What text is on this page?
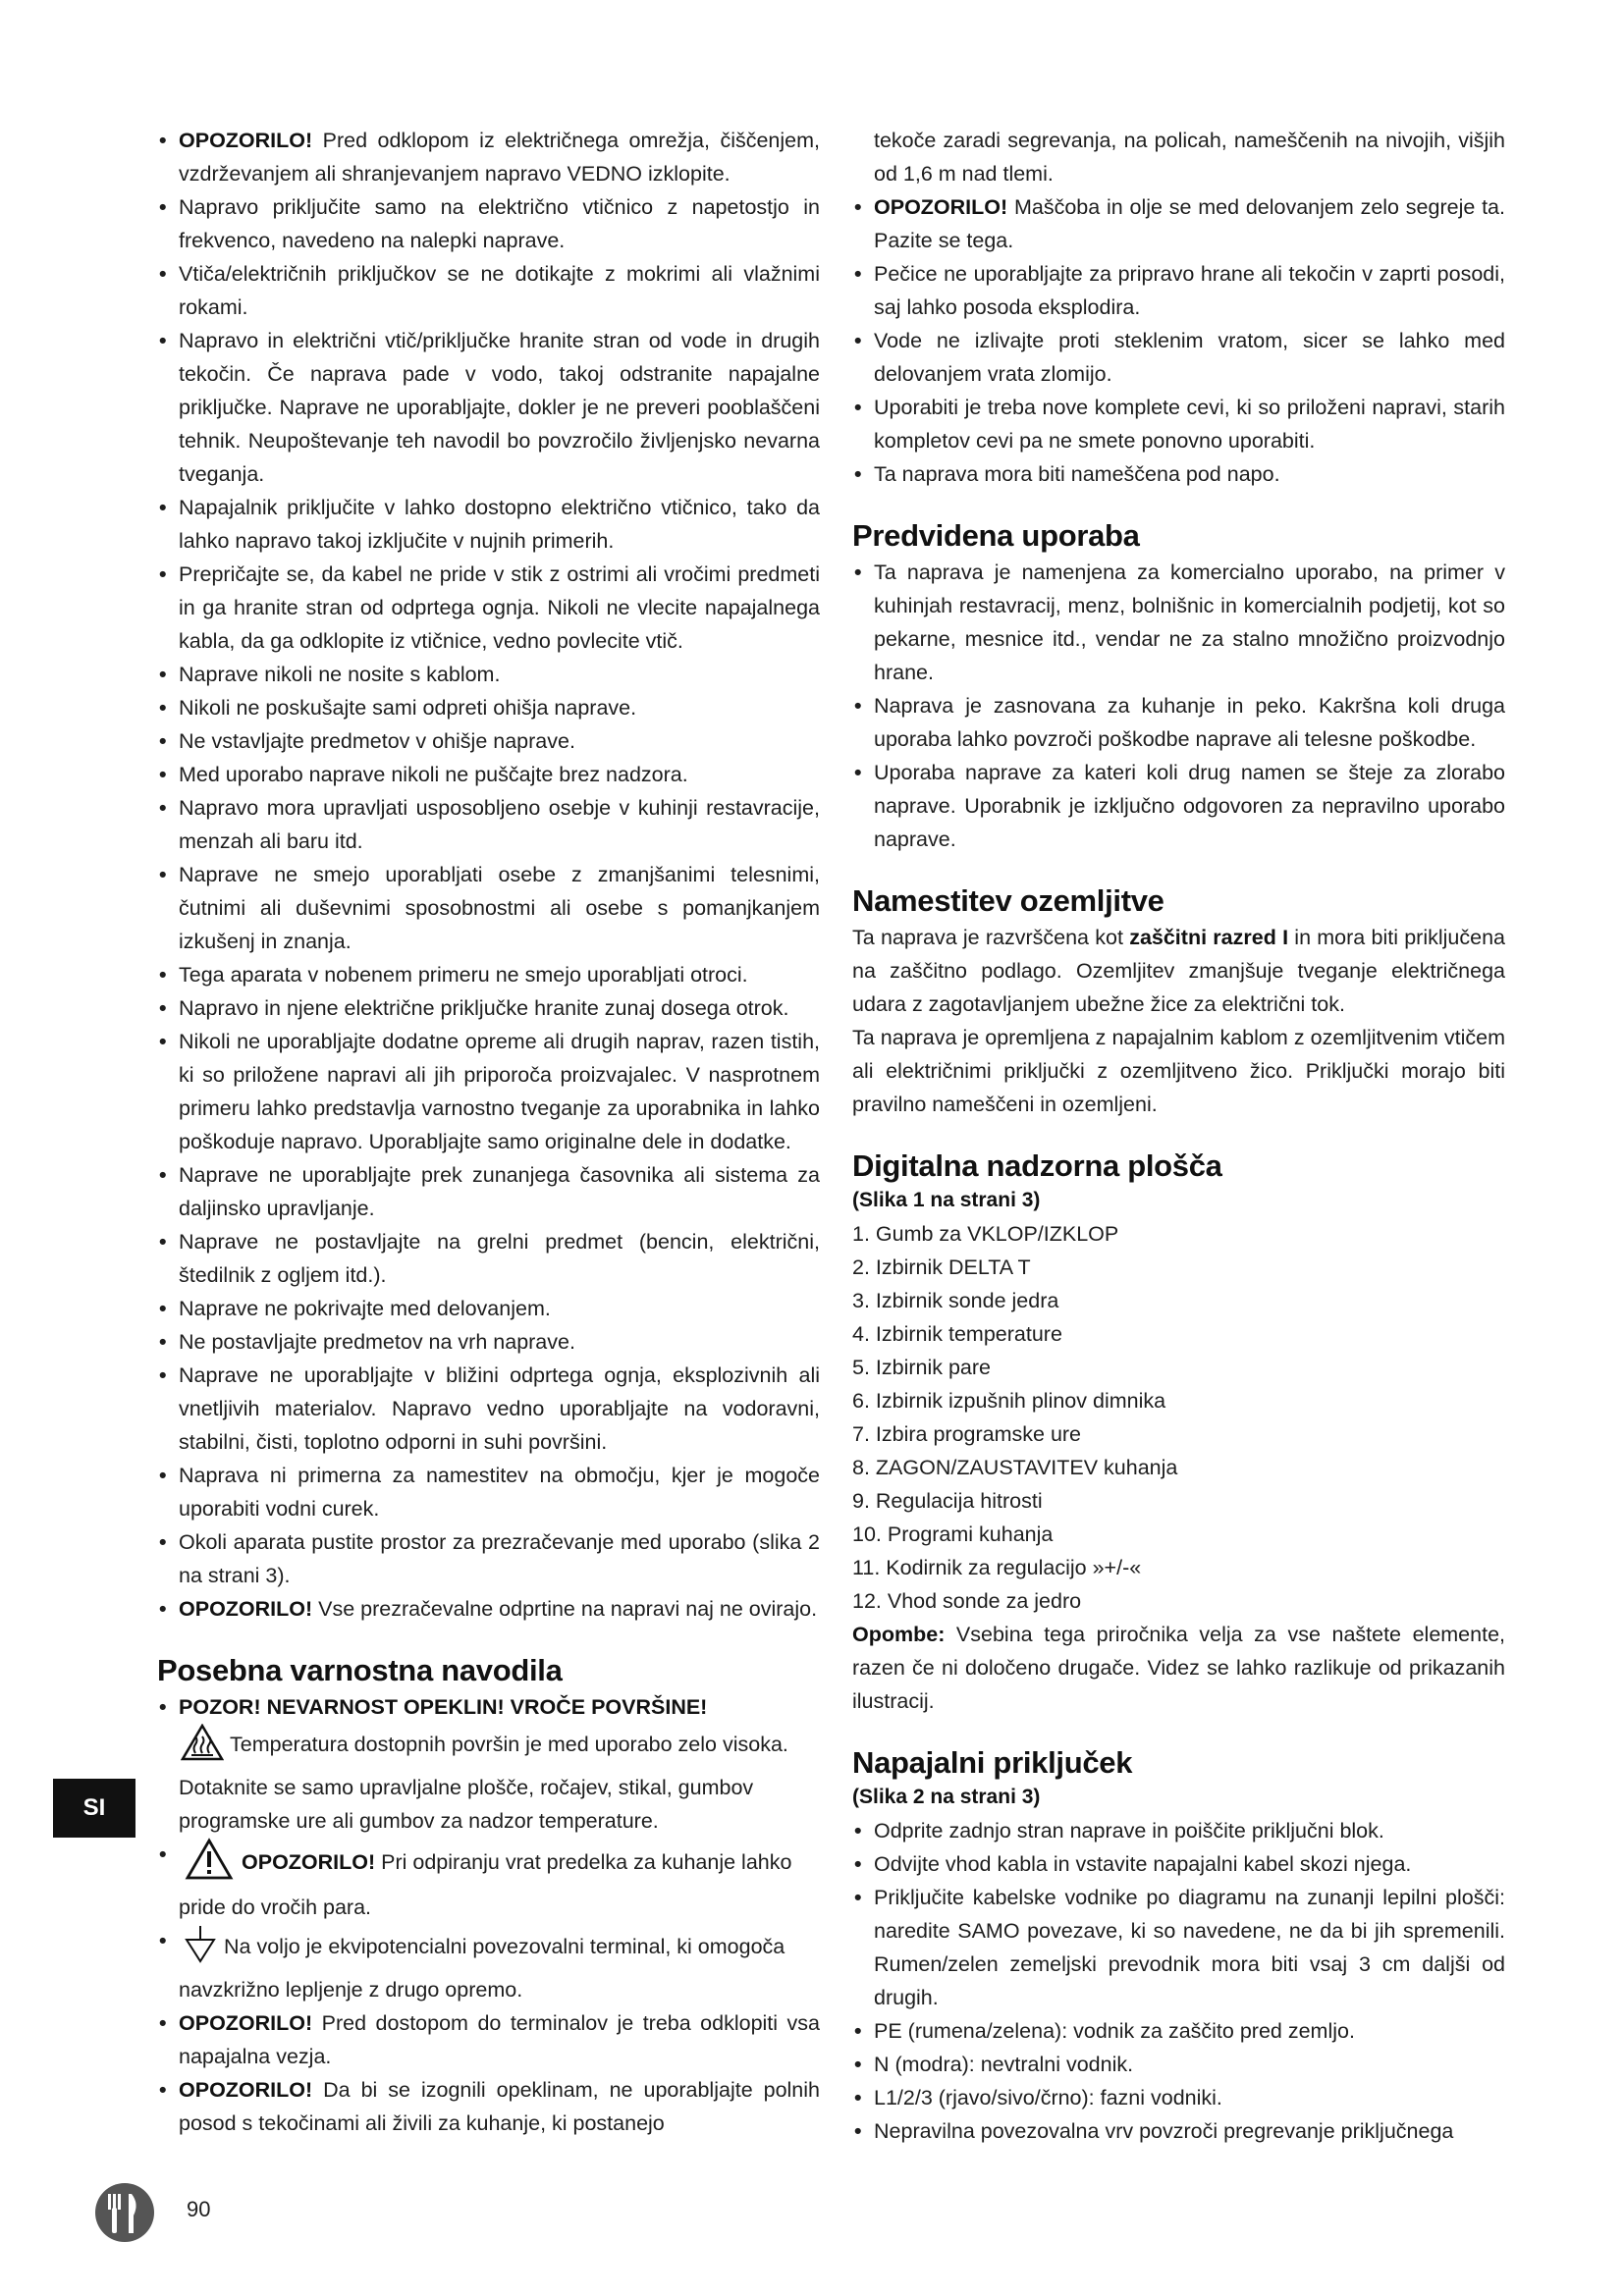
• OPOZORILO! Pred odklopom iz električnega omrežja, čiščenjem, vzdrževanjem ali shranjevanjem napravo VEDNO izklopite.
• Napravo priključite samo na električno vtičnico z napetostjo in frekvenco, navedeno na nalepki naprave.
• Vtiča/električnih priključkov se ne dotikajte z mokrimi ali vlažnimi rokami.
• Napravo in električni vtič/priključke hranite stran od vode in drugih tekočin. Če naprava pade v vodo, takoj odstranite napajalne priključke. Naprave ne uporabljajte, dokler je ne preveri pooblaščeni tehnik. Neupoštevanje teh navodil bo povzročilo življenjsko nevarna tveganja.
• Napajalnik priključite v lahko dostopno električno vtičnico, tako da lahko napravo takoj izključite v nujnih primerih.
• Prepričajte se, da kabel ne pride v stik z ostrimi ali vročimi predmeti in ga hranite stran od odprtega ognja. Nikoli ne vlecite napajalnega kabla, da ga odklopite iz vtičnice, vedno povlecite vtič.
• Naprave nikoli ne nosite s kablom.
• Nikoli ne poskušajte sami odpreti ohišja naprave.
• Ne vstavljajte predmetov v ohišje naprave.
• Med uporabo naprave nikoli ne puščajte brez nadzora.
• Napravo mora upravljati usposobljeno osebje v kuhinji restavracije, menzah ali baru itd.
• Naprave ne smejo uporabljati osebe z zmanjšanimi telesnimi, čutnimi ali duševnimi sposobnostmi ali osebe s pomanjkanjem izkušenj in znanja.
• Tega aparata v nobenem primeru ne smejo uporabljati otroci.
• Napravo in njene električne priključke hranite zunaj dosega otrok.
• Nikoli ne uporabljajte dodatne opreme ali drugih naprav, razen tistih, ki so priložene napravi ali jih priporoča proizvajalec. V nasprotnem primeru lahko predstavlja varnostno tveganje za uporabnika in lahko poškoduje napravo. Uporabljajte samo originalne dele in dodatke.
• Naprave ne uporabljajte prek zunanjega časovnika ali sistema za daljinsko upravljanje.
• Naprave ne postavljajte na grelni predmet (bencin, električni, štedilnik z ogljem itd.).
• Naprave ne pokrivajte med delovanjem.
• Ne postavljajte predmetov na vrh naprave.
• Naprave ne uporabljajte v bližini odprtega ognja, eksplozivnih ali vnetljivih materialov. Napravo vedno uporabljajte na vodoravni, stabilni, čisti, toplotno odporni in suhi površini.
• Naprava ni primerna za namestitev na območju, kjer je mogoče uporabiti vodni curek.
• Okoli aparata pustite prostor za prezračevanje med uporabo (slika 2 na strani 3).
• OPOZORILO! Vse prezračevalne odprtine na napravi naj ne ovirajo.
Posebna varnostna navodila
• POZOR! NEVARNOST OPEKLIN! VROČE POVRŠINE!
Temperatura dostopnih površin je med uporabo zelo visoka. Dotaknite se samo upravljalne plošče, ročajev, stikal, gumbov programske ure ali gumbov za nadzor temperature.
• OPOZORILO! Pri odpiranju vrat predelka za kuhanje lahko pride do vročih para.
• Na voljo je ekvipotencialni povezovalni terminal, ki omogoča navzkrižno lepljenje z drugo opremo.
• OPOZORILO! Pred dostopom do terminalov je treba odklopiti vsa napajalna vezja.
• OPOZORILO! Da bi se izognili opeklinam, ne uporabljajte polnih posod s tekočinami ali živili za kuhanje, ki postanejo
tekoče zaradi segrevanja, na policah, nameščenih na nivojih, višjih od 1,6 m nad tlemi.
• OPOZORILO! Maščoba in olje se med delovanjem zelo segreje ta. Pazite se tega.
• Pečice ne uporabljajte za pripravo hrane ali tekočin v zaprti posodi, saj lahko posoda eksplodira.
• Vode ne izlivajte proti steklenim vratom, sicer se lahko med delovanjem vrata zlomijo.
• Uporabiti je treba nove komplete cevi, ki so priloženi napravi, starih kompletov cevi pa ne smete ponovno uporabiti.
• Ta naprava mora biti nameščena pod napo.
Predvidena uporaba
• Ta naprava je namenjena za komercialno uporabo, na primer v kuhinjah restavracij, menz, bolnišnic in komercialnih podjetij, kot so pekarne, mesnice itd., vendar ne za stalno množično proizvodnjo hrane.
• Naprava je zasnovana za kuhanje in peko. Kakršna koli druga uporaba lahko povzroči poškodbe naprave ali telesne poškodbe.
• Uporaba naprave za kateri koli drug namen se šteje za zlorabo naprave. Uporabnik je izključno odgovoren za nepravilno uporabo naprave.
Namestitev ozemljitve

Ta naprava je razvrščena kot zaščitni razred I in mora biti priključena na zaščitno podlago. Ozemljitev zmanjšuje tveganje električnega udara z zagotavljanjem ubežne žice za električni tok.

Ta naprava je opremljena z napajalnim kablom z ozemljitvenim vtičem ali električnimi priključki z ozemljitveno žico. Priključki morajo biti pravilno nameščeni in ozemljeni.

Digitalna nadzorna plošča
(Slika 1 na strani 3)
1. Gumb za VKLOP/IZKLOP
2. Izbirnik DELTA T
3. Izbirnik sonde jedra
4. Izbirnik temperature
5. Izbirnik pare
6. Izbirnik izpušnih plinov dimnika
7. Izbira programske ure
8. ZAGON/ZAUSTAVITEV kuhanja
9. Regulacija hitrosti
10. Programi kuhanja
11. Kodirnik za regulacijo »+/-«
12. Vhod sonde za jedro

Opombe: Vsebina tega priročnika velja za vse naštete elemente, razen če ni določeno drugače. Videz se lahko razlikuje od prikazanih ilustracij.

Napajalni priključek
(Slika 2 na strani 3)
• Odprite zadnjo stran naprave in poiščite priključni blok.
• Odvijte vhod kabla in vstavite napajalni kabel skozi njega.
• Priključite kabelske vodnike po diagramu na zunanji lepilni plošči: naredite SAMO povezave, ki so navedene, ne da bi jih spremenili. Rumen/zelen zemeljski prevodnik mora biti vsaj 3 cm daljši od drugih.
• PE (rumena/zelena): vodnik za zaščito pred zemljo.
• N (modra): nevtralni vodnik.
• L1/2/3 (rjavo/sivo/črno): fazni vodniki.
• Nepravilna povezovalna vrv povzroči pregrevanje priključnega
SI
90
